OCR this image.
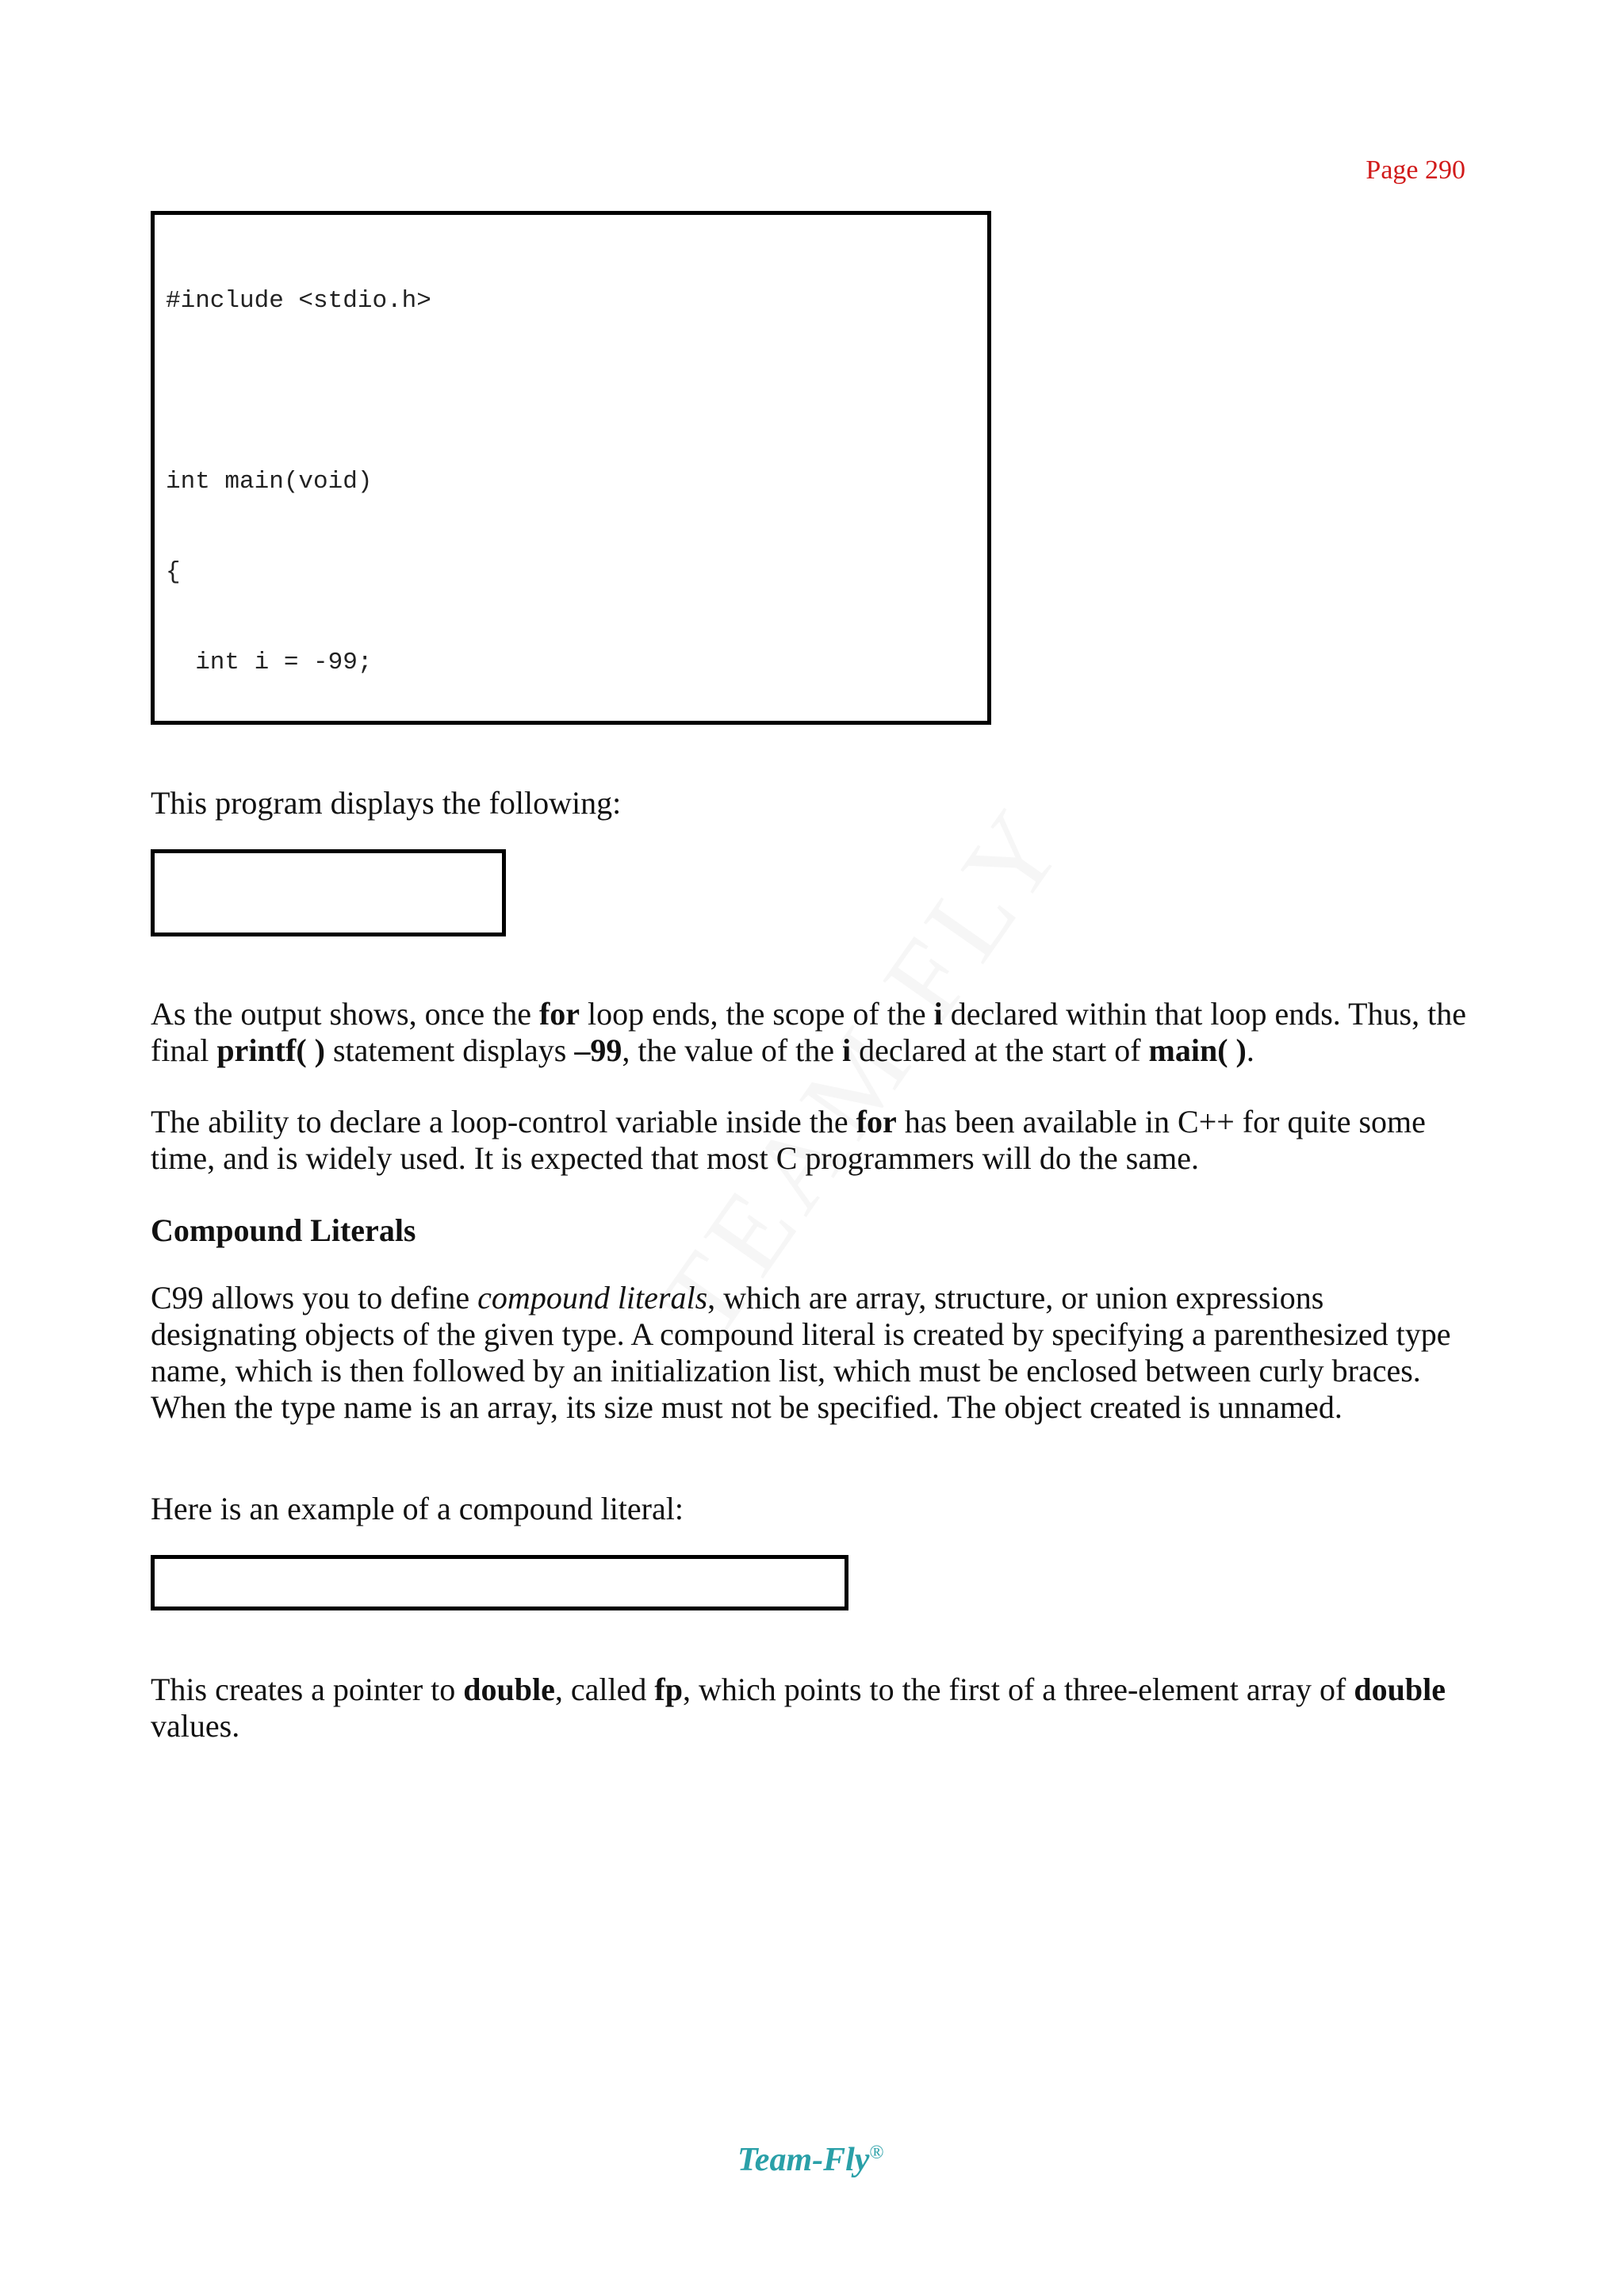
Page 290

#include <stdio.h>

int main(void)

{

int i = -99;

This program displays the following:

As the output shows, once the for loop ends, the scope of the i declared within that loop ends. Thus, the final printf( ) statement displays –99, the value of the i declared at the start of main( ).
The ability to declare a loop-control variable inside the for has been available in C++ for quite some time, and is widely used. It is expected that most C programmers will do the same.
Compound Literals
C99 allows you to define compound literals, which are array, structure, or union expressions designating objects of the given type. A compound literal is created by specifying a parenthesized type name, which is then followed by an initialization list, which must be enclosed between curly braces. When the type name is an array, its size must not be specified. The object created is unnamed.
Here is an example of a compound literal:

This creates a pointer to double, called fp, which points to the first of a three-element array of double values.
Team-Fly®
